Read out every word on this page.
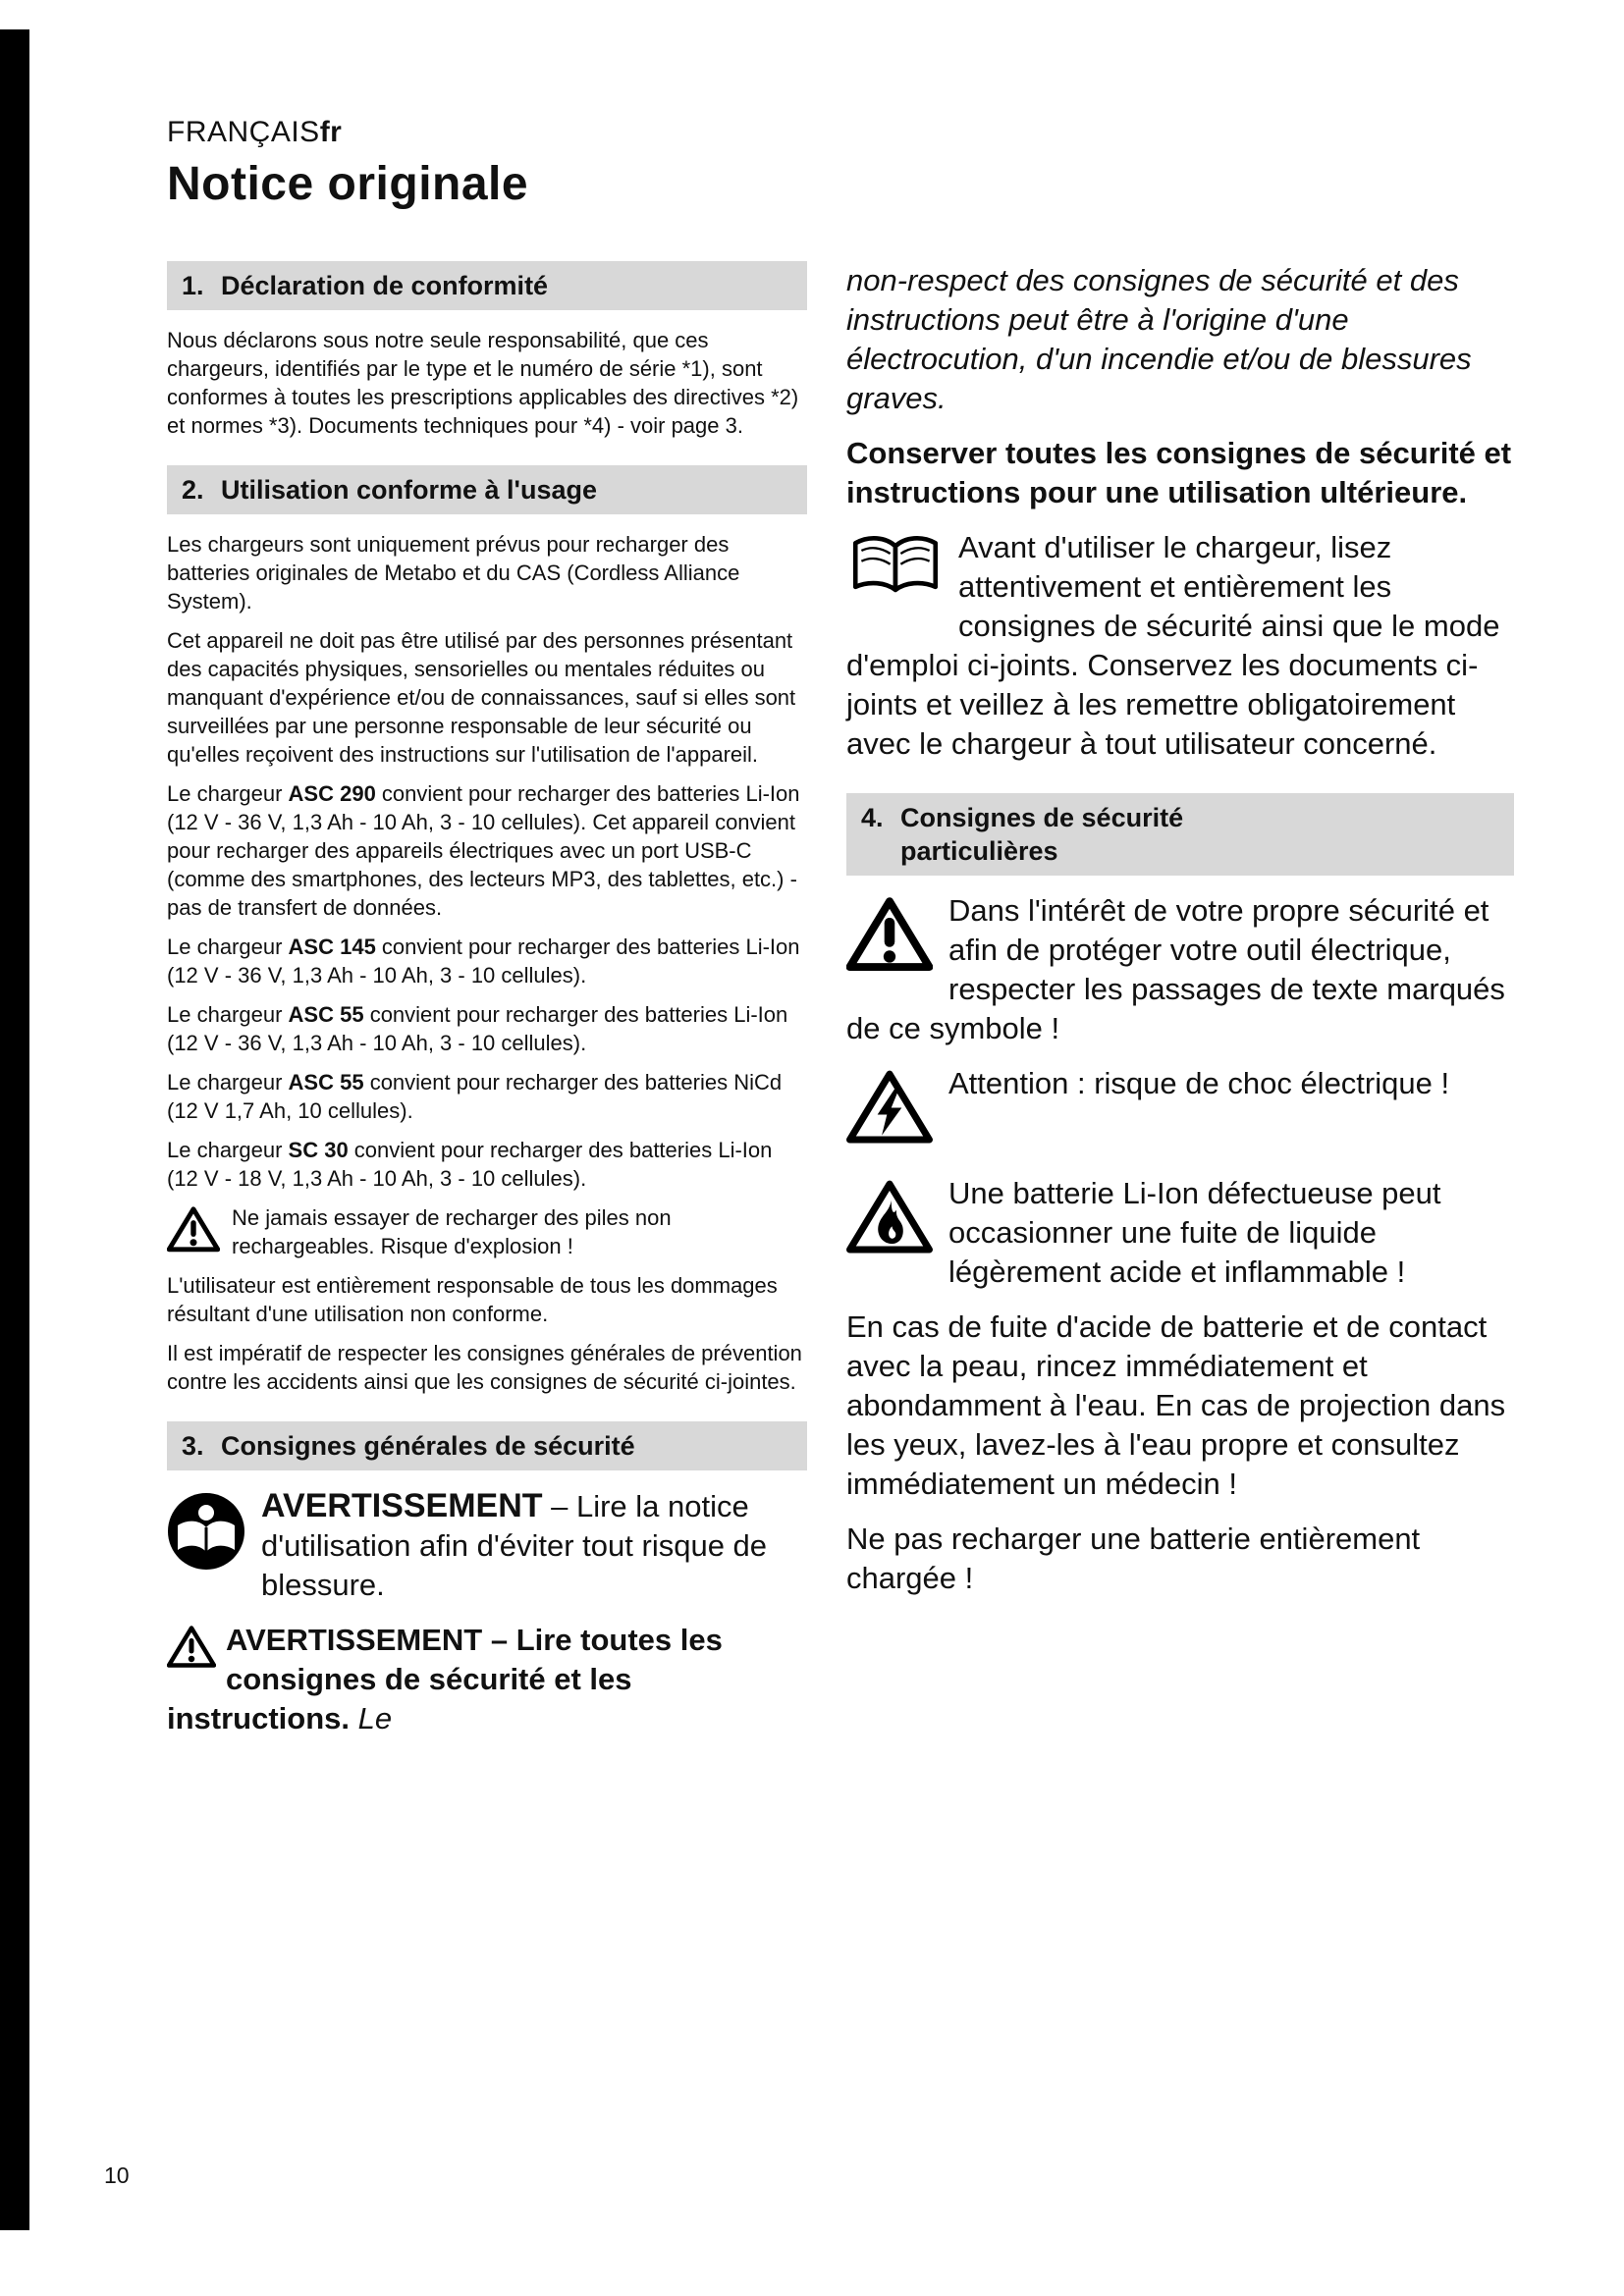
FRANÇAISfr
Notice originale
1. Déclaration de conformité

Nous déclarons sous notre seule responsabilité, que ces chargeurs, identifiés par le type et le numéro de série *1), sont conformes à toutes les prescriptions applicables des directives *2) et normes *3). Documents techniques pour *4) - voir page 3.

2. Utilisation conforme à l'usage

Les chargeurs sont uniquement prévus pour recharger des batteries originales de Metabo et du CAS (Cordless Alliance System).

Cet appareil ne doit pas être utilisé par des personnes présentant des capacités physiques, sensorielles ou mentales réduites ou manquant d'expérience et/ou de connaissances, sauf si elles sont surveillées par une personne responsable de leur sécurité ou qu'elles reçoivent des instructions sur l'utilisation de l'appareil.

Le chargeur ASC 290 convient pour recharger des batteries Li-Ion (12 V - 36 V, 1,3 Ah - 10 Ah, 3 - 10 cellules). Cet appareil convient pour recharger des appareils électriques avec un port USB-C (comme des smartphones, des lecteurs MP3, des tablettes, etc.) - pas de transfert de données.

Le chargeur ASC 145 convient pour recharger des batteries Li-Ion (12 V - 36 V, 1,3 Ah - 10 Ah, 3 - 10 cellules).

Le chargeur ASC 55 convient pour recharger des batteries Li-Ion (12 V - 36 V, 1,3 Ah - 10 Ah, 3 - 10 cellules).

Le chargeur ASC 55 convient pour recharger des batteries NiCd (12 V 1,7 Ah, 10 cellules).

Le chargeur SC 30 convient pour recharger des batteries Li-Ion (12 V - 18 V, 1,3 Ah - 10 Ah, 3 - 10 cellules).

Ne jamais essayer de recharger des piles non rechargeables. Risque d'explosion !

L'utilisateur est entièrement responsable de tous les dommages résultant d'une utilisation non conforme.

Il est impératif de respecter les consignes générales de prévention contre les accidents ainsi que les consignes de sécurité ci-jointes.

3. Consignes générales de sécurité

AVERTISSEMENT – Lire la notice d'utilisation afin d'éviter tout risque de blessure.

AVERTISSEMENT – Lire toutes les consignes de sécurité et les instructions. Le

non-respect des consignes de sécurité et des instructions peut être à l'origine d'une électrocution, d'un incendie et/ou de blessures graves.

Conserver toutes les consignes de sécurité et instructions pour une utilisation ultérieure.

Avant d'utiliser le chargeur, lisez attentivement et entièrement les consignes de sécurité ainsi que le mode d'emploi ci-joints. Conservez les documents ci-joints et veillez à les remettre obligatoirement avec le chargeur à tout utilisateur concerné.

4. Consignes de sécurité particulières

Dans l'intérêt de votre propre sécurité et afin de protéger votre outil électrique, respecter les passages de texte marqués de ce symbole !

Attention : risque de choc électrique !

Une batterie Li-Ion défectueuse peut occasionner une fuite de liquide légèrement acide et inflammable !

En cas de fuite d'acide de batterie et de contact avec la peau, rincez immédiatement et abondamment à l'eau. En cas de projection dans les yeux, lavez-les à l'eau propre et consultez immédiatement un médecin !

Ne pas recharger une batterie entièrement chargée !

10
